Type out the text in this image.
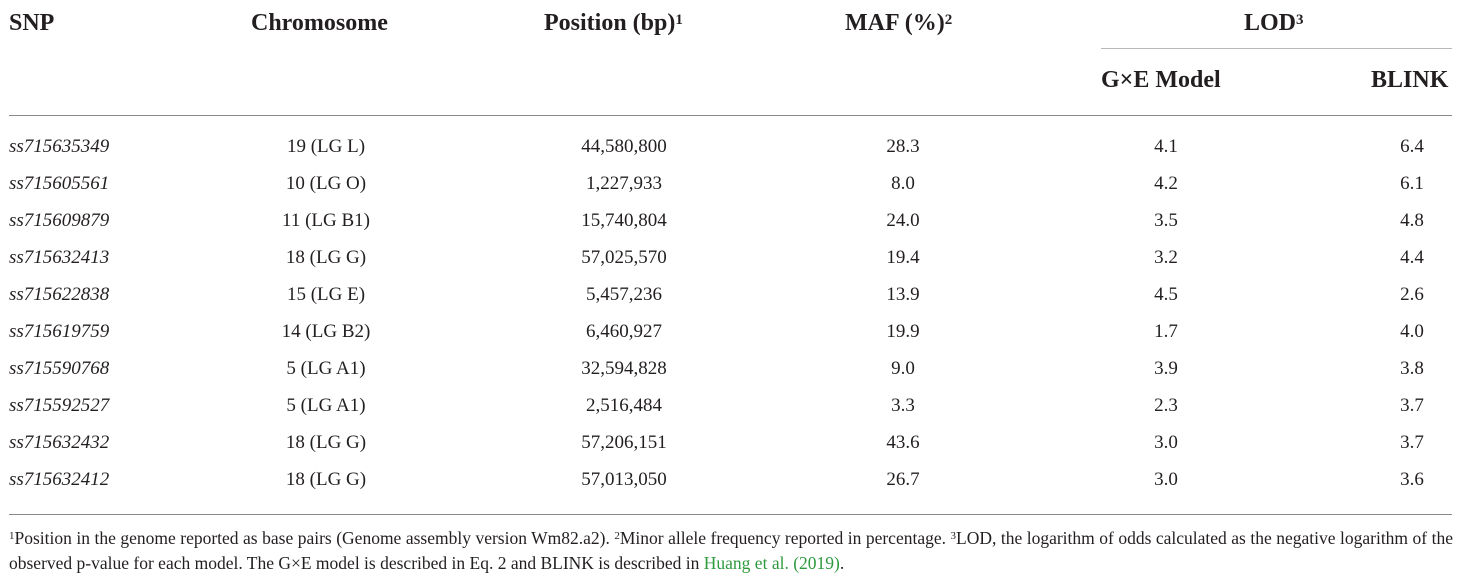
SNP	Chromosome	Position (bp)$^1$	MAF (%)$^2$	LOD$^3$
G×E Model	BLINK
ss715635349	19 (LG L)	44,580,800	28.3	4.1	6.4
ss715605561	10 (LG O)	1,227,933	8.0	4.2	6.1
ss715609879	11 (LG B1)	15,740,804	24.0	3.5	4.8
ss715632413	18 (LG G)	57,025,570	19.4	3.2	4.4
ss715622838	15 (LG E)	5,457,236	13.9	4.5	2.6
ss715619759	14 (LG B2)	6,460,927	19.9	1.7	4.0
ss715590768	5 (LG A1)	32,594,828	9.0	3.9	3.8
ss715592527	5 (LG A1)	2,516,484	3.3	2.3	3.7
ss715632432	18 (LG G)	57,206,151	43.6	3.0	3.7
ss715632412	18 (LG G)	57,013,050	26.7	3.0	3.6
$^1$Position in the genome reported as base pairs (Genome assembly version Wm82.a2). $^2$Minor allele frequency reported in percentage. $^3$LOD, the logarithm of odds calculated as the negative logarithm of the observed p-value for each model. The G×E model is described in Eq. 2 and BLINK is described in Huang et al. (2019).
